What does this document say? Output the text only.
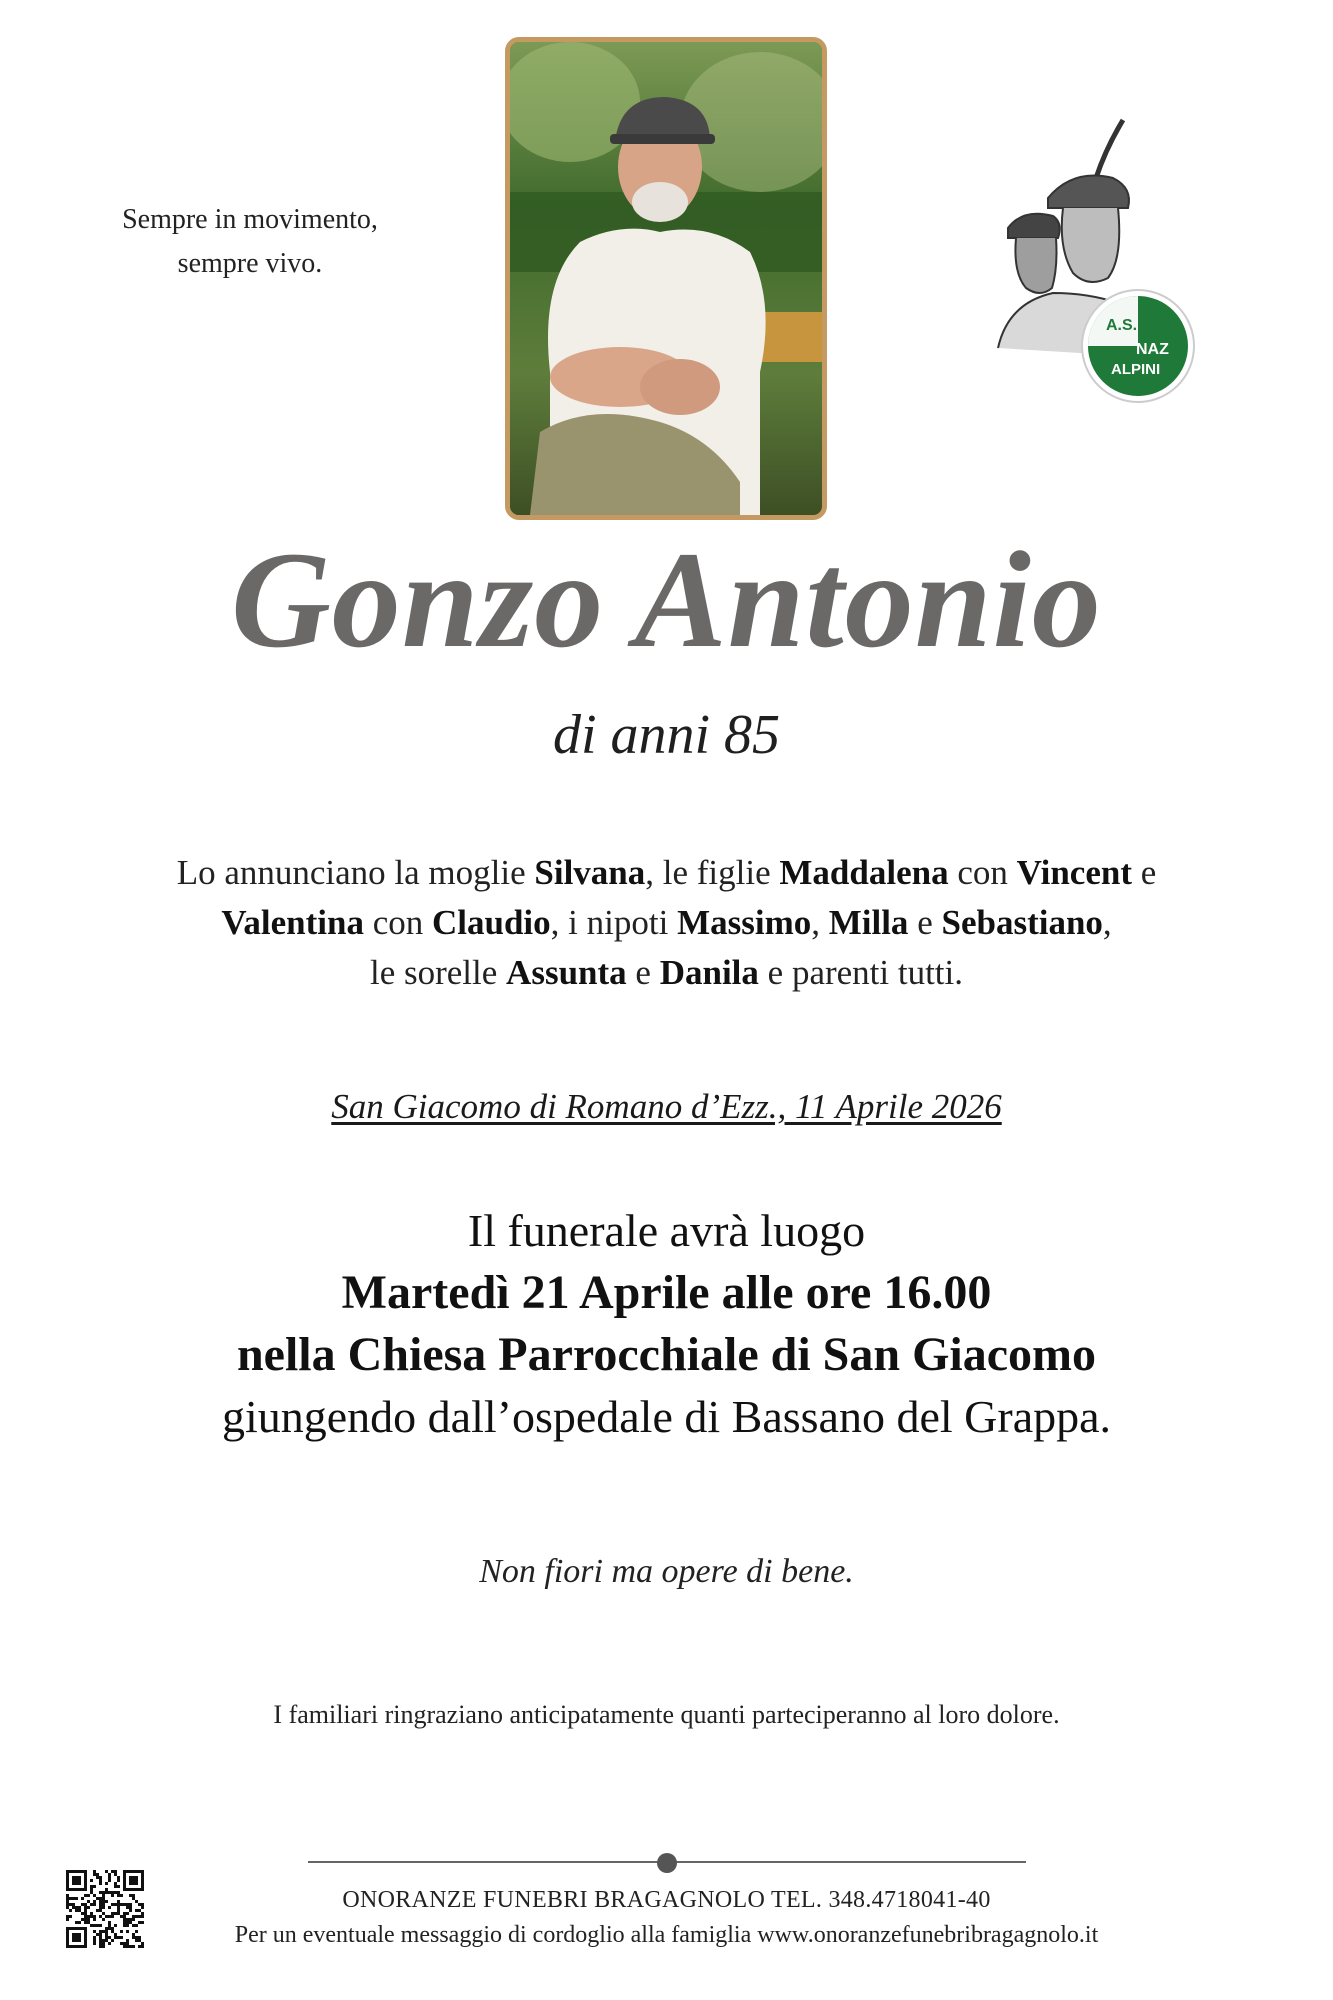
Sempre in movimento,
sempre vivo.
A.S.
NAZ
ALPINI
Gonzo Antonio
di anni 85
Lo annunciano la moglie Silvana, le figlie Maddalena con Vincent e
Valentina con Claudio, i nipoti Massimo, Milla e Sebastiano,
le sorelle Assunta e Danila e parenti tutti.
San Giacomo di Romano d’Ezz., 11 Aprile 2026
Il funerale avrà luogo
Martedì 21 Aprile alle ore 16.00
nella Chiesa Parrocchiale di San Giacomo
giungendo dall’ospedale di Bassano del Grappa.
Non fiori ma opere di bene.
I familiari ringraziano anticipatamente quanti parteciperanno al loro dolore.
ONORANZE FUNEBRI BRAGAGNOLO TEL. 348.4718041-40
Per un eventuale messaggio di cordoglio alla famiglia www.onoranzefunebribragagnolo.it
